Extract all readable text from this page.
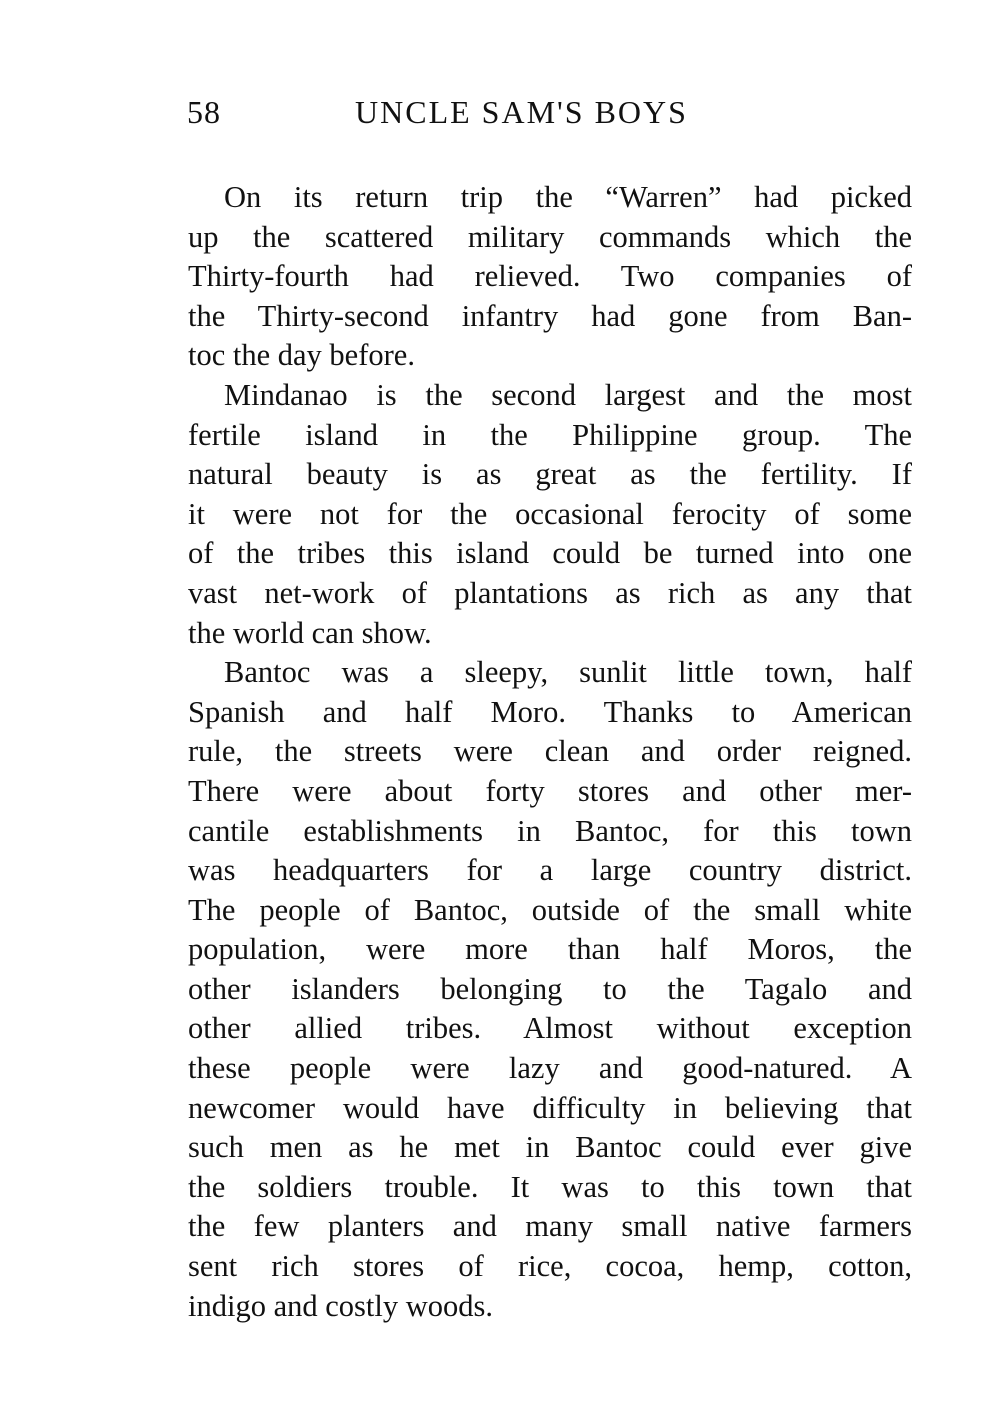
58	UNCLE SAM'S BOYS
On its return trip the “Warren” had picked
up the scattered military commands which the
Thirty-fourth had relieved. Two companies of
the Thirty-second infantry had gone from Ban-
toc the day before.
Mindanao is the second largest and the most
fertile island in the Philippine group. The
natural beauty is as great as the fertility. If
it were not for the occasional ferocity of some
of the tribes this island could be turned into one
vast net-work of plantations as rich as any that
the world can show.
Bantoc was a sleepy, sunlit little town, half
Spanish and half Moro. Thanks to American
rule, the streets were clean and order reigned.
There were about forty stores and other mer-
cantile establishments in Bantoc, for this town
was headquarters for a large country district.
The people of Bantoc, outside of the small white
population, were more than half Moros, the
other islanders belonging to the Tagalo and
other allied tribes. Almost without exception
these people were lazy and good-natured. A
newcomer would have difficulty in believing that
such men as he met in Bantoc could ever give
the soldiers trouble. It was to this town that
the few planters and many small native farmers
sent rich stores of rice, cocoa, hemp, cotton,
indigo and costly woods.
